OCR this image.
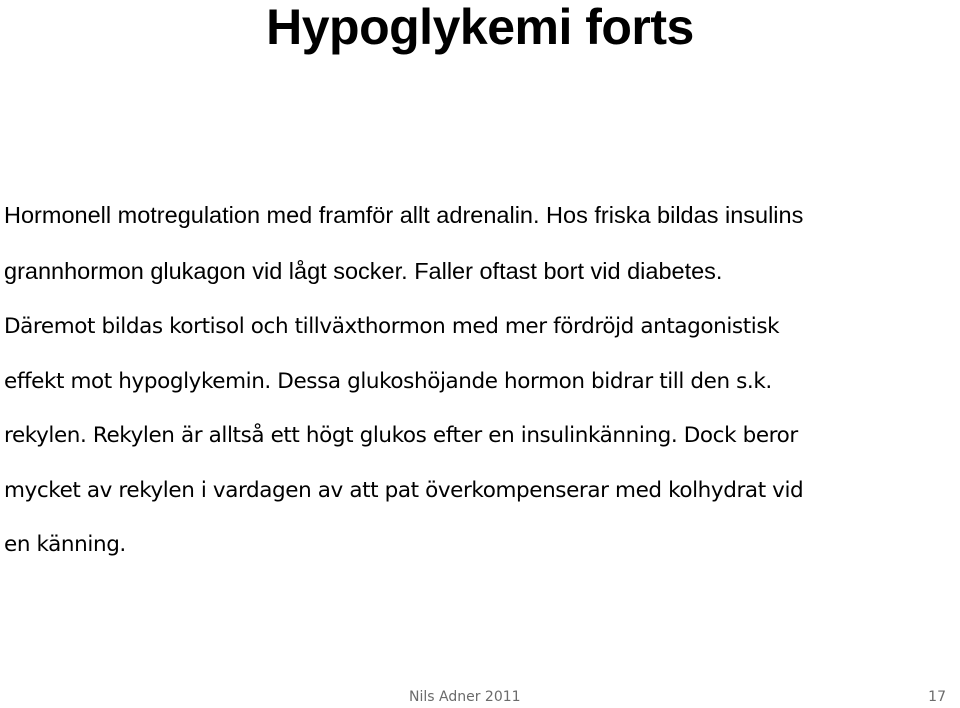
Hypoglykemi forts

Hormonell motregulation med framför allt adrenalin. Hos friska bildas insulins

grannhormon glukagon vid lågt socker. Faller oftast bort vid diabetes.

Däremot bildas kortisol och tillväxthormon med mer fördröjd antagonistisk

effekt mot hypoglykemin. Dessa glukoshöjande hormon bidrar till den s.k.

rekylen. Rekylen är alltså ett högt glukos efter en insulinkänning. Dock beror

mycket av rekylen i vardagen av att pat överkompenserar med kolhydrat vid

en känning.

Nils Adner 2011	17
